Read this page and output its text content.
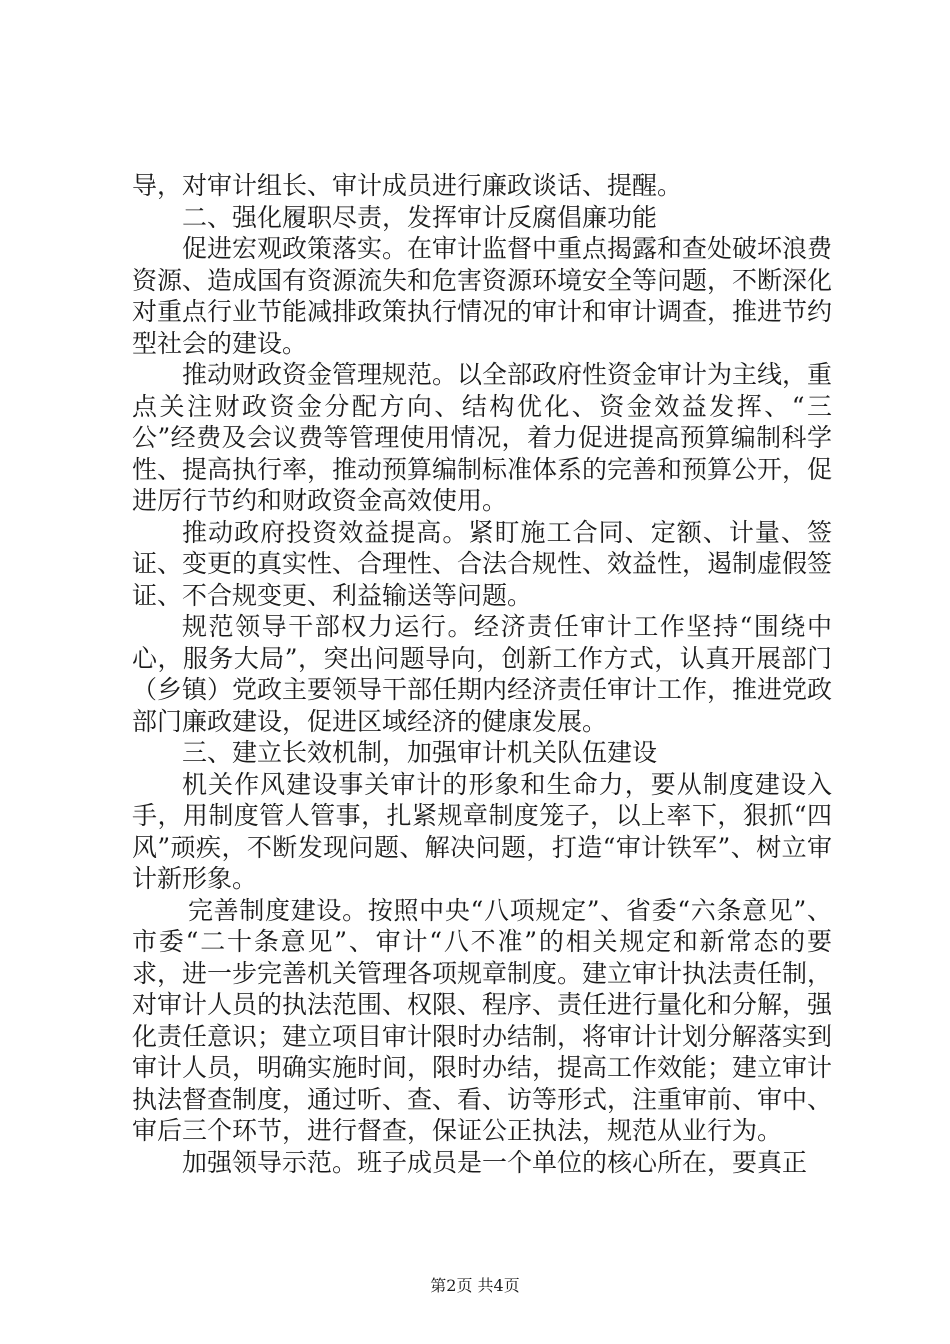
导，对审计组长、审计成员进行廉政谈话、提醒。

二、强化履职尽责，发挥审计反腐倡廉功能

促进宏观政策落实。在审计监督中重点揭露和查处破坏浪费资源、造成国有资源流失和危害资源环境安全等问题，不断深化对重点行业节能减排政策执行情况的审计和审计调查，推进节约型社会的建设。

推动财政资金管理规范。以全部政府性资金审计为主线，重点关注财政资金分配方向、结构优化、资金效益发挥、“三公”经费及会议费等管理使用情况，着力促进提高预算编制科学性、提高执行率，推动预算编制标准体系的完善和预算公开，促进厉行节约和财政资金高效使用。

推动政府投资效益提高。紧盯施工合同、定额、计量、签证、变更的真实性、合理性、合法合规性、效益性，遏制虚假签证、不合规变更、利益输送等问题。

规范领导干部权力运行。经济责任审计工作坚持“围绕中心，服务大局”，突出问题导向，创新工作方式，认真开展部门（乡镇）党政主要领导干部任期内经济责任审计工作，推进党政部门廉政建设，促进区域经济的健康发展。

三、建立长效机制，加强审计机关队伍建设

机关作风建设事关审计的形象和生命力，要从制度建设入手，用制度管人管事，扎紧规章制度笼子，以上率下，狠抓“四风”顽疾，不断发现问题、解决问题，打造“审计铁军”、树立审计新形象。

完善制度建设。按照中央“八项规定”、省委“六条意见”、市委“二十条意见”、审计“八不准”的相关规定和新常态的要求，进一步完善机关管理各项规章制度。建立审计执法责任制，对审计人员的执法范围、权限、程序、责任进行量化和分解，强化责任意识；建立项目审计限时办结制，将审计计划分解落实到审计人员，明确实施时间，限时办结，提高工作效能；建立审计执法督查制度，通过听、查、看、访等形式，注重审前、审中、审后三个环节，进行督查，保证公正执法，规范从业行为。

加强领导示范。班子成员是一个单位的核心所在，要真正

第2页 共4页
